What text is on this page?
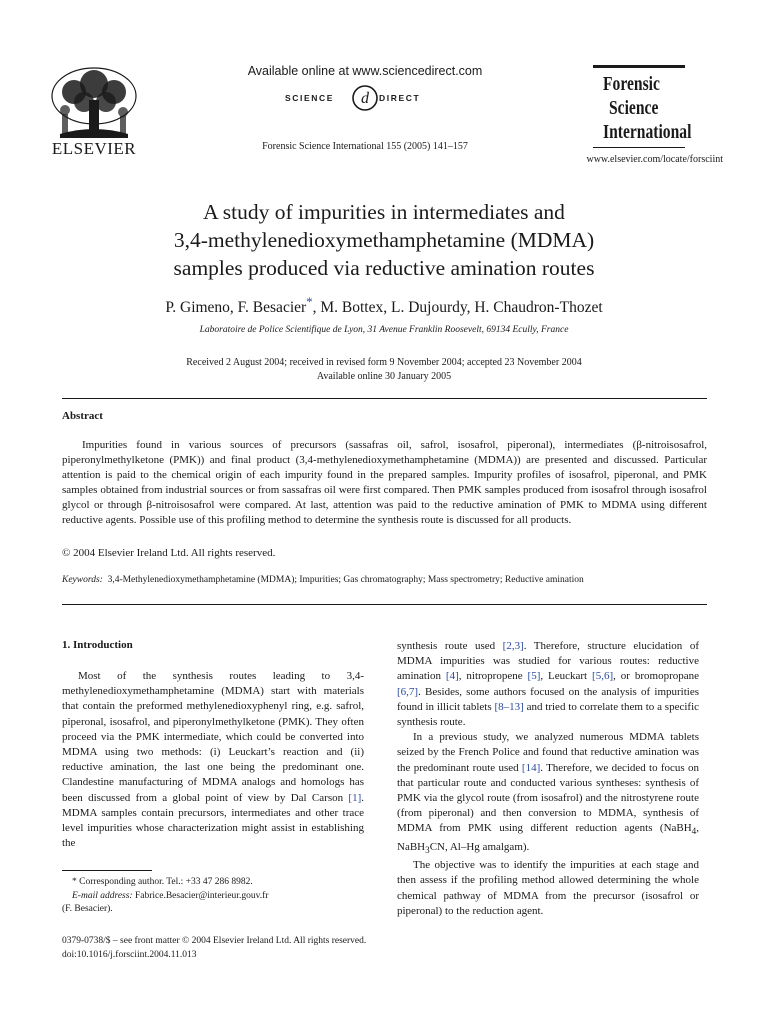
ELSEVIER
Available online at www.sciencedirect.com
SCIENCE d DIRECT
Forensic Science International 155 (2005) 141–157
Forensic
Science
International
www.elsevier.com/locate/forsciint
A study of impurities in intermediates and
3,4-methylenedioxymethamphetamine (MDMA)
samples produced via reductive amination routes
P. Gimeno, F. Besacier*, M. Bottex, L. Dujourdy, H. Chaudron-Thozet
Laboratoire de Police Scientifique de Lyon, 31 Avenue Franklin Roosevelt, 69134 Ecully, France
Received 2 August 2004; received in revised form 9 November 2004; accepted 23 November 2004
Available online 30 January 2005
Abstract
Impurities found in various sources of precursors (sassafras oil, safrol, isosafrol, piperonal), intermediates (β-nitroisosafrol, piperonylmethylketone (PMK)) and final product (3,4-methylenedioxymethamphetamine (MDMA)) are presented and discussed. Particular attention is paid to the chemical origin of each impurity found in the prepared samples. Impurity profiles of isosafrol, piperonal, and PMK samples obtained from industrial sources or from sassafras oil were first compared. Then PMK samples produced from isosafrol through isosafrol glycol or through β-nitroisosafrol were compared. At last, attention was paid to the reductive amination of PMK to MDMA using different reductive agents. Possible use of this profiling method to determine the synthesis route is discussed for all products.
© 2004 Elsevier Ireland Ltd. All rights reserved.
Keywords: 3,4-Methylenedioxymethamphetamine (MDMA); Impurities; Gas chromatography; Mass spectrometry; Reductive amination
1. Introduction

Most of the synthesis routes leading to 3,4-methylenedioxymethamphetamine (MDMA) start with materials that contain the preformed methylenedioxyphenyl ring, e.g. safrol, piperonal, isosafrol, and piperonylmethylketone (PMK). They often proceed via the PMK intermediate, which could be converted into MDMA using two methods: (i) Leuckart’s reaction and (ii) reductive amination, the last one being the predominant one. Clandestine manufacturing of MDMA analogs and homologs has been discussed from a global point of view by Dal Carson [1]. MDMA samples contain precursors, intermediates and other trace level impurities whose characterization might assist in establishing the

synthesis route used [2,3]. Therefore, structure elucidation of MDMA impurities was studied for various routes: reductive amination [4], nitropropene [5], Leuckart [5,6], or bromopropane [6,7]. Besides, some authors focused on the analysis of impurities found in illicit tablets [8–13] and tried to correlate them to a specific synthesis route.

In a previous study, we analyzed numerous MDMA tablets seized by the French Police and found that reductive amination was the predominant route used [14]. Therefore, we decided to focus on that particular route and conducted various syntheses: synthesis of PMK via the glycol route (from isosafrol) and the nitrostyrene route (from piperonal) and then conversion to MDMA, synthesis of MDMA from PMK using different reduction agents (NaBH$_4$, NaBH$_3$CN, Al–Hg amalgam).

The objective was to identify the impurities at each stage and then assess if the profiling method allowed determining the whole chemical pathway of MDMA from the precursor (isosafrol or piperonal) to the reduction agent.

* Corresponding author. Tel.: +33 47 286 8982.
E-mail address: Fabrice.Besacier@interieur.gouv.fr
(F. Besacier).
0379-0738/$ – see front matter © 2004 Elsevier Ireland Ltd. All rights reserved.
doi:10.1016/j.forsciint.2004.11.013
